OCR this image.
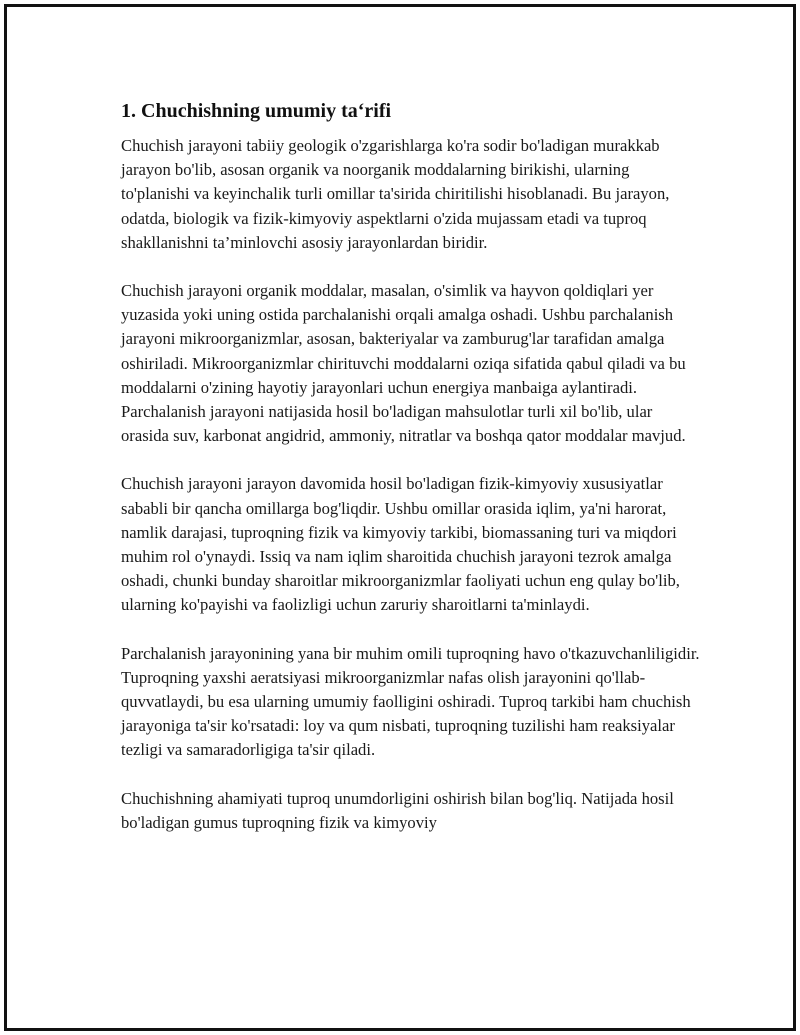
1. Chuchishning umumiy taʻrifi

Chuchish jarayoni tabiiy geologik o'zgarishlarga ko'ra sodir bo'ladigan murakkab jarayon bo'lib, asosan organik va noorganik moddalarning birikishi, ularning to'planishi va keyinchalik turli omillar ta'sirida chiritilishi hisoblanadi. Bu jarayon, odatda, biologik va fizik-kimyoviy aspektlarni o'zida mujassam etadi va tuproq shakllanishni ta’minlovchi asosiy jarayonlardan biridir.

Chuchish jarayoni organik moddalar, masalan, o'simlik va hayvon qoldiqlari yer yuzasida yoki uning ostida parchalanishi orqali amalga oshadi. Ushbu parchalanish jarayoni mikroorganizmlar, asosan, bakteriyalar va zamburug'lar tarafidan amalga oshiriladi. Mikroorganizmlar chirituvchi moddalarni oziqa sifatida qabul qiladi va bu moddalarni o'zining hayotiy jarayonlari uchun energiya manbaiga aylantiradi. Parchalanish jarayoni natijasida hosil bo'ladigan mahsulotlar turli xil bo'lib, ular orasida suv, karbonat angidrid, ammoniy, nitratlar va boshqa qator moddalar mavjud.

Chuchish jarayoni jarayon davomida hosil bo'ladigan fizik-kimyoviy xususiyatlar sababli bir qancha omillarga bog'liqdir. Ushbu omillar orasida iqlim, ya'ni harorat, namlik darajasi, tuproqning fizik va kimyoviy tarkibi, biomassaning turi va miqdori muhim rol o'ynaydi. Issiq va nam iqlim sharoitida chuchish jarayoni tezrok amalga oshadi, chunki bunday sharoitlar mikroorganizmlar faoliyati uchun eng qulay bo'lib, ularning ko'payishi va faolizligi uchun zaruriy sharoitlarni ta'minlaydi.

Parchalanish jarayonining yana bir muhim omili tuproqning havo o'tkazuvchanliligidir. Tuproqning yaxshi aeratsiyasi mikroorganizmlar nafas olish jarayonini qo'llab-quvvatlaydi, bu esa ularning umumiy faolligini oshiradi. Tuproq tarkibi ham chuchish jarayoniga ta'sir ko'rsatadi: loy va qum nisbati, tuproqning tuzilishi ham reaksiyalar tezligi va samaradorligiga ta'sir qiladi.

Chuchishning ahamiyati tuproq unumdorligini oshirish bilan bog'liq. Natijada hosil bo'ladigan gumus tuproqning fizik va kimyoviy
